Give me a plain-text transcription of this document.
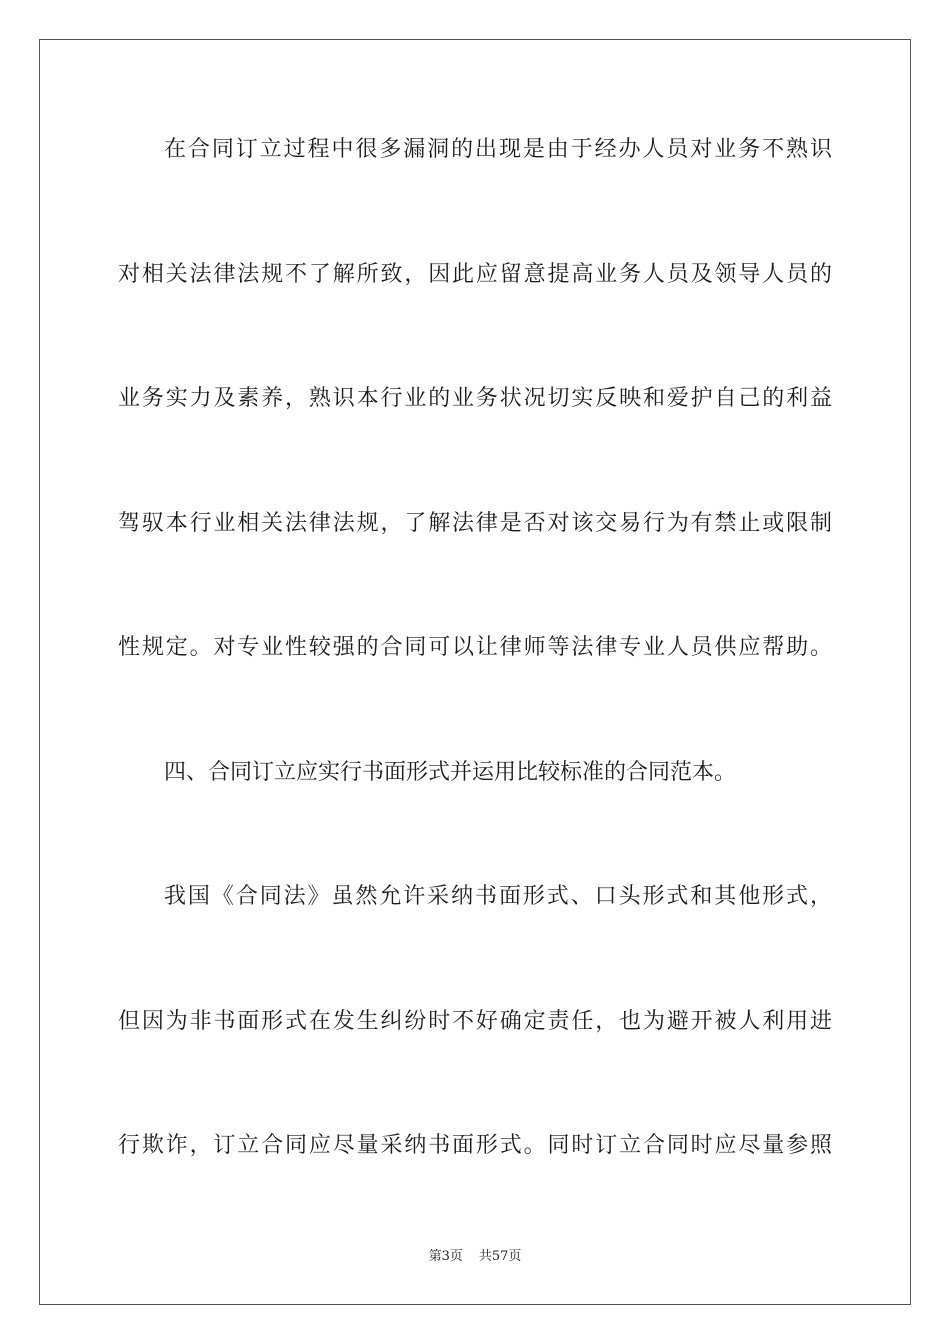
在合同订立过程中很多漏洞的出现是由于经办人员对业务不熟识
对相关法律法规不了解所致，因此应留意提高业务人员及领导人员的
业务实力及素养，熟识本行业的业务状况切实反映和爱护自己的利益
驾驭本行业相关法律法规，了解法律是否对该交易行为有禁止或限制
性规定。对专业性较强的合同可以让律师等法律专业人员供应帮助。
四、合同订立应实行书面形式并运用比较标准的合同范本。
我国《合同法》虽然允许采纳书面形式、口头形式和其他形式，
但因为非书面形式在发生纠纷时不好确定责任，也为避开被人利用进
行欺诈，订立合同应尽量采纳书面形式。同时订立合同时应尽量参照
第3页 共57页
